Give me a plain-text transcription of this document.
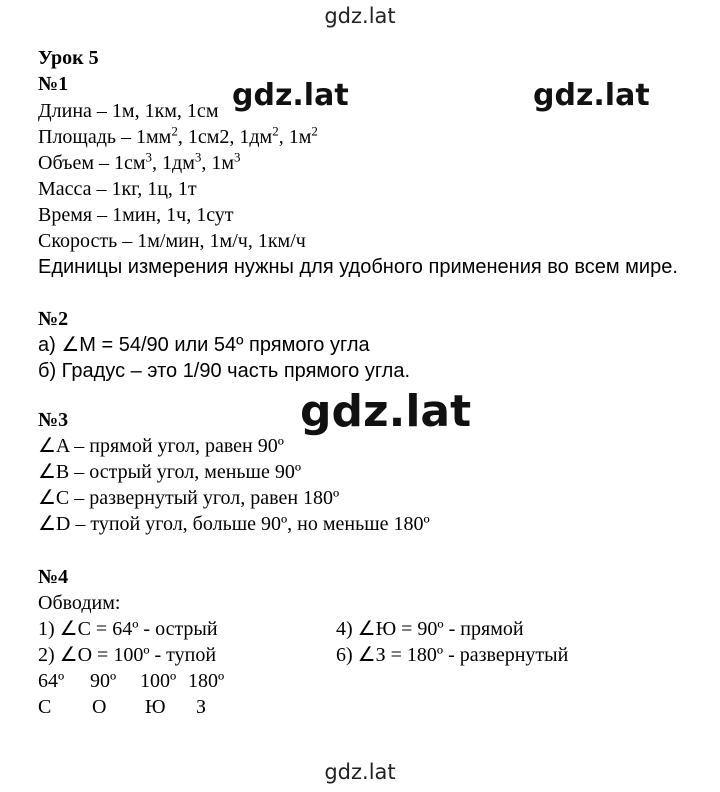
gdz.lat
gdz.lat	gdz.lat
gdz.lat
gdz.lat
Урок 5
№1
Длина – 1м, 1км, 1см
Площадь – $1мм^2$, 1см2, $1дм^2$, $1м^2$
Объем – $1см^3$, $1дм^3$, $1м^3$
Масса – 1кг, 1ц, 1т
Время – 1мин, 1ч, 1сут
Скорость – 1м/мин, 1м/ч, 1км/ч
Единицы измерения нужны для удобного применения во всем мире.
№2
а) ∠M = 54/90 или 54º прямого угла
б) Градус – это 1/90 часть прямого угла.
№3
∠A – прямой угол, равен 90º
∠B – острый угол, меньше 90º
∠C – развернутый угол, равен 180º
∠D – тупой угол, больше 90º, но меньше 180º
№4
Обводим:
1) ∠C = 64º - острый	4) ∠Ю = 90º - прямой
2) ∠O = 100º - тупой	6) ∠З = 180º - развернутый
64º 90º 100º 180º
С О Ю З
